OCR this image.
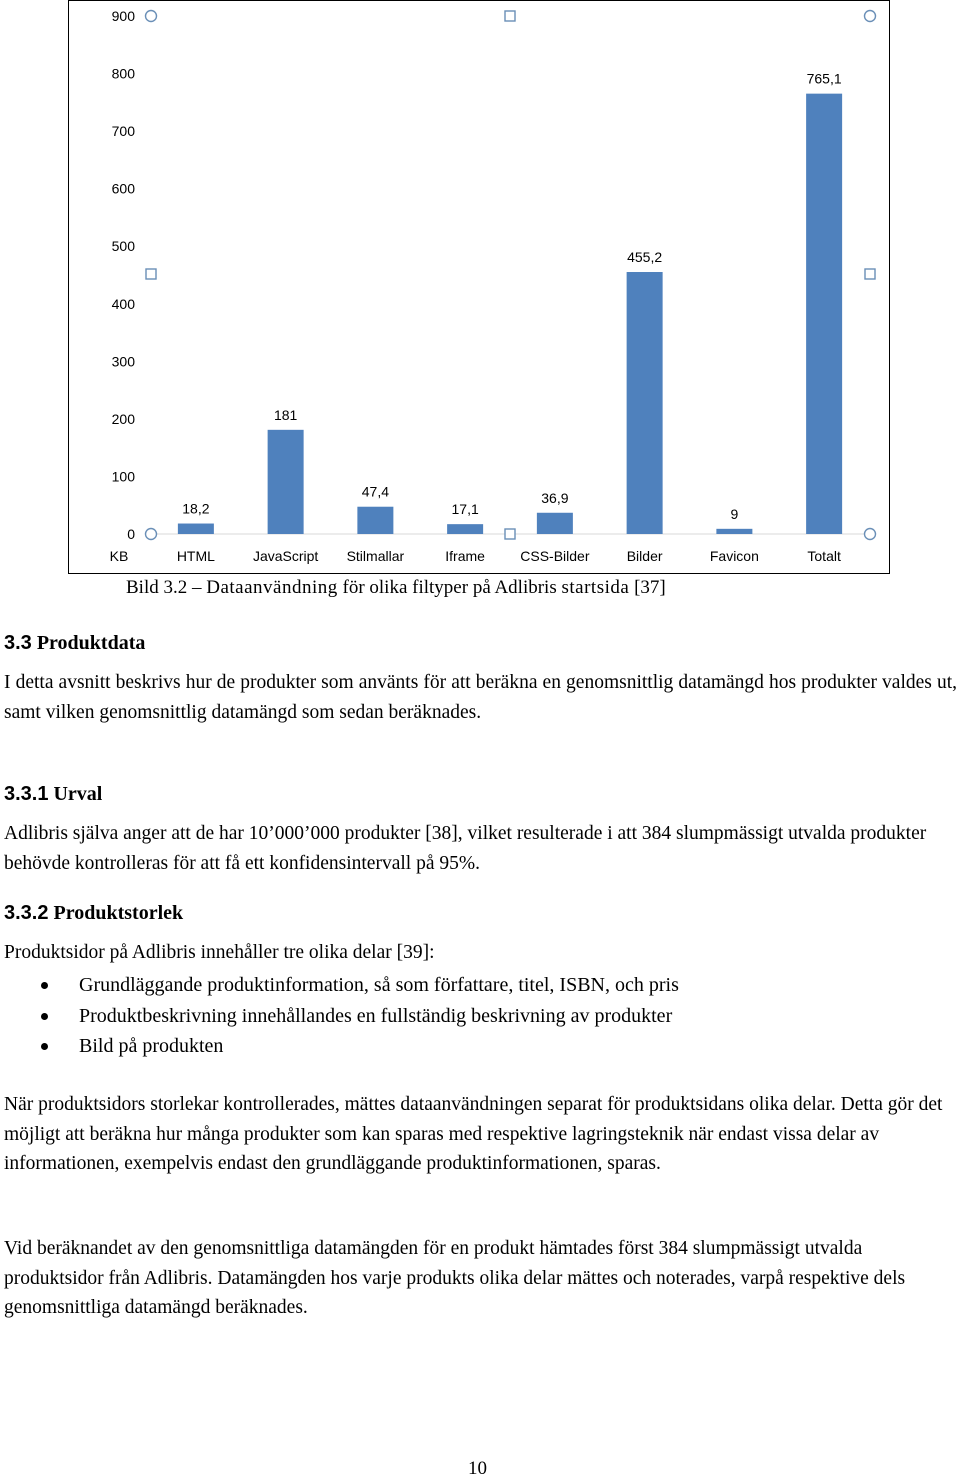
0
100
200
300
400
500
600
700
800
900
KB
18,2
HTML
181
JavaScript
47,4
Stilmallar
17,1
Iframe
36,9
CSS-Bilder
455,2
Bilder
9
Favicon
765,1
Totalt
Bild 3.2 – Dataanvändning för olika filtyper på Adlibris startsida [37]
3.3 Produktdata
I detta avsnitt beskrivs hur de produkter som använts för att beräkna en genomsnittlig datamängd hos produkter valdes ut, samt vilken genomsnittlig datamängd som sedan beräknades.
3.3.1 Urval
Adlibris själva anger att de har 10’000’000 produkter [38], vilket resulterade i att 384 slumpmässigt utvalda produkter behövde kontrolleras för att få ett konfidensintervall på 95%.
3.3.2 Produktstorlek
Produktsidor på Adlibris innehåller tre olika delar [39]:
Grundläggande produktinformation, så som författare, titel, ISBN, och pris
Produktbeskrivning innehållandes en fullständig beskrivning av produkter
Bild på produkten
När produktsidors storlekar kontrollerades, mättes dataanvändningen separat för produktsidans olika delar. Detta gör det möjligt att beräkna hur många produkter som kan sparas med respektive lagringsteknik när endast vissa delar av informationen, exempelvis endast den grundläggande produktinformationen, sparas.
Vid beräknandet av den genomsnittliga datamängden för en produkt hämtades först 384 slumpmässigt utvalda produktsidor från Adlibris. Datamängden hos varje produkts olika delar mättes och noterades, varpå respektive dels genomsnittliga datamängd beräknades.
10
